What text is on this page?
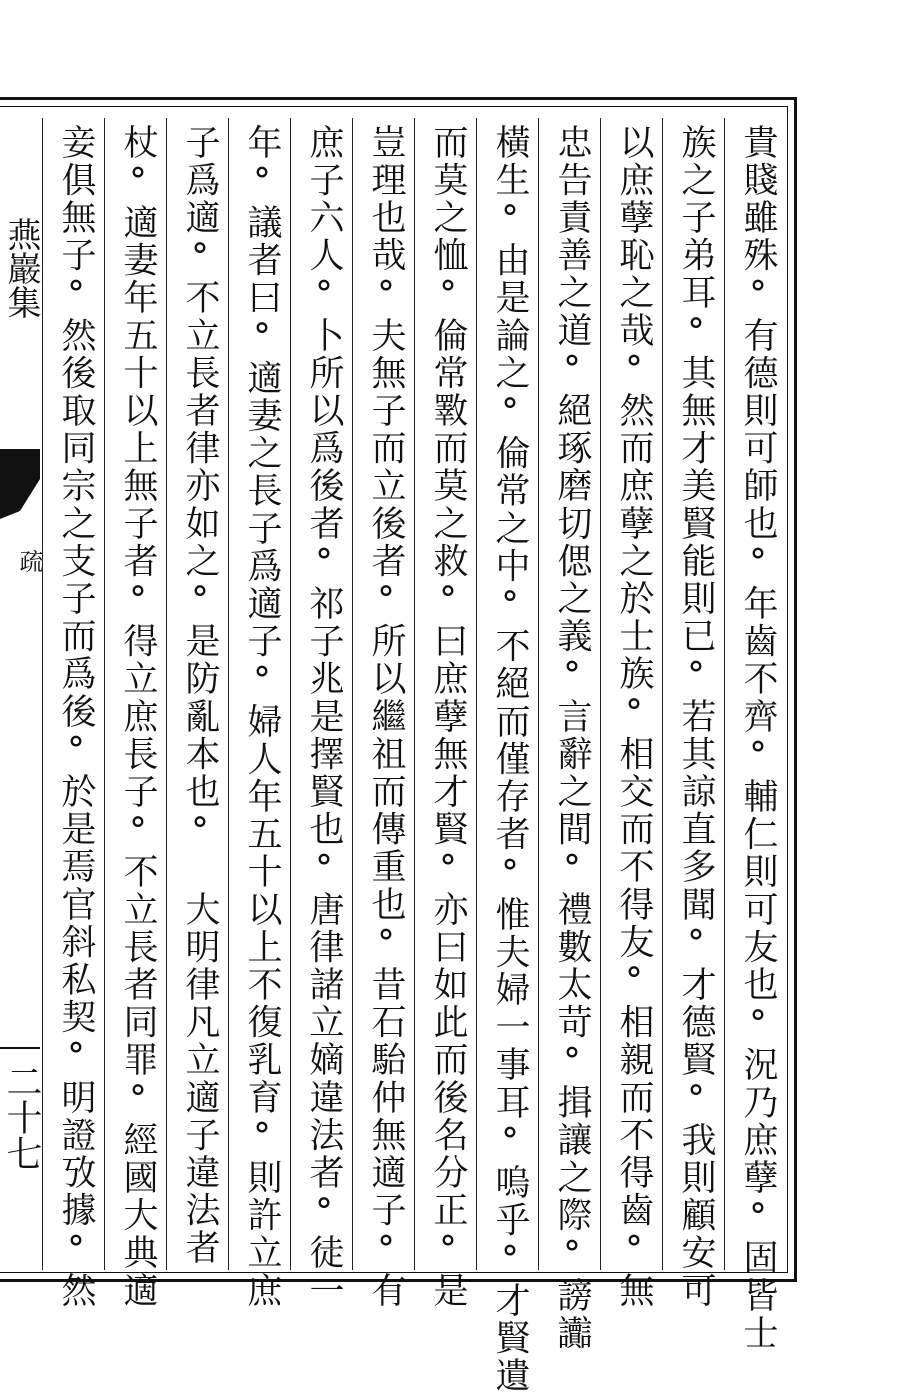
燕巖集
疏
二十七	貴賤雖殊°有德則可師也°年齒不齊°輔仁則可友也°況乃庶孽°固皆士
族之子弟耳°其無才美賢能則已°若其諒直多聞°才德賢°我則顧安可
以庶孽恥之哉°然而庶孽之於士族°相交而不得友°相親而不得齒°無
忠告責善之道°絕琢磨切偲之義°言辭之間°禮數太苛°揖讓之際°謗讟
橫生°由是論之°倫常之中°不絕而僅存者°惟夫婦一事耳°嗚乎°才賢遺
而莫之恤°倫常斁而莫之救°曰庶孽無才賢°亦曰如此而後名分正°是
豈理也哉°夫無子而立後者°所以繼祖而傳重也°昔石駘仲無適子°有
庶子六人°卜所以爲後者°祁子兆是擇賢也°唐律諸立嫡違法者°徒一
年°議者曰°適妻之長子爲適子°婦人年五十以上不復乳育°則許立庶
子爲適°不立長者律亦如之°是防亂本也°　大明律凡立適子違法者
杖°適妻年五十以上無子者°得立庶長子°不立長者同罪°經國大典適
妾俱無子°然後取同宗之支子而爲後°於是焉官斜私契°明證攷據°然
